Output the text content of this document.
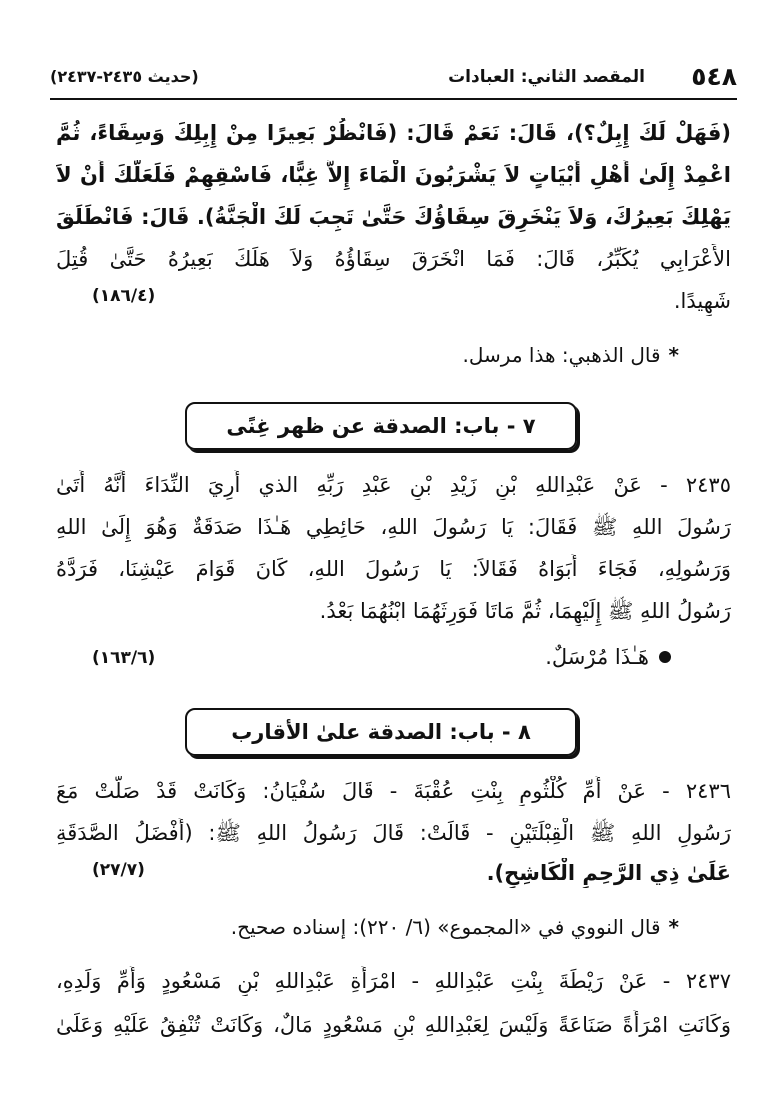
٥٤٨
المقصد الثاني: العبادات
(حديث ٢٤٣٥-٢٤٣٧)
(فَهَلْ لَكَ إِبِلٌ؟)، قَالَ: نَعَمْ قَالَ: (فَانْظُرْ بَعِيرًا مِنْ إِبِلِكَ وَسِقَاءً، ثُمَّ
اعْمِدْ إِلَىٰ أَهْلِ أَبْيَاتٍ لاَ يَشْرَبُونَ الْمَاءَ إِلاَّ غِبًّا، فَاسْقِهِمْ فَلَعَلَّكَ أَنْ لاَ
يَهْلِكَ بَعِيرُكَ، وَلاَ يَنْخَرِقَ سِقَاؤُكَ حَتَّىٰ تَجِبَ لَكَ الْجَنَّةُ). قَالَ: فَانْطَلَقَ
الأَعْرَابِي يُكَبِّرُ، قَالَ: فَمَا انْخَرَقَ سِقَاؤُهُ وَلاَ هَلَكَ بَعِيرُهُ حَتَّىٰ قُتِلَ
شَهِيدًا.
(١٨٦/٤)
*قال الذهبي: هذا مرسل.
٧ - باب: الصدقة عن ظهر غِنًى
٢٤٣٥ - عَنْ عَبْدِاللهِ بْنِ زَيْدِ بْنِ عَبْدِ رَبِّهِ الذي أُرِيَ النِّدَاءَ أَنَّهُ أَتَىٰ
رَسُولَ اللهِ ﷺ فَقَالَ: يَا رَسُولَ اللهِ، حَائِطِي هَـٰذَا صَدَقَةٌ وَهُوَ إِلَىٰ اللهِ
وَرَسُولِهِ، فَجَاءَ أَبَوَاهُ فَقَالاَ: يَا رَسُولَ اللهِ، كَانَ قَوَامَ عَيْشِنَا، فَرَدَّهُ
رَسُولُ اللهِ ﷺ إِلَيْهِمَا، ثُمَّ مَاتَا فَوَرِثَهُمَا ابْنُهُمَا بَعْدُ.
هَـٰذَا مُرْسَلٌ.
(١٦٣/٦)
٨ - باب: الصدقة علىٰ الأقارب
٢٤٣٦ - عَنْ أُمِّ كُلْثُومِ بِنْتِ عُقْبَةَ - قَالَ سُفْيَانُ: وَكَانَتْ قَدْ صَلَّتْ مَعَ
رَسُولِ اللهِ ﷺ الْقِبْلَتَيْنِ - قَالَتْ: قَالَ رَسُولُ اللهِ ﷺ: (أَفْضَلُ الصَّدَقَةِ
عَلَىٰ ذِي الرَّحِمِ الْكَاشِحِ).
(٢٧/٧)
*قال النووي في «المجموع» (٦/ ٢٢٠): إسناده صحيح.
٢٤٣٧ - عَنْ رَيْطَةَ بِنْتِ عَبْدِاللهِ - امْرَأَةِ عَبْدِاللهِ بْنِ مَسْعُودٍ وَأُمِّ وَلَدِهِ،
وَكَانَتِ امْرَأَةً صَنَاعَةً وَلَيْسَ لِعَبْدِاللهِ بْنِ مَسْعُودٍ مَالٌ، وَكَانَتْ تُنْفِقُ عَلَيْهِ وَعَلَىٰ
